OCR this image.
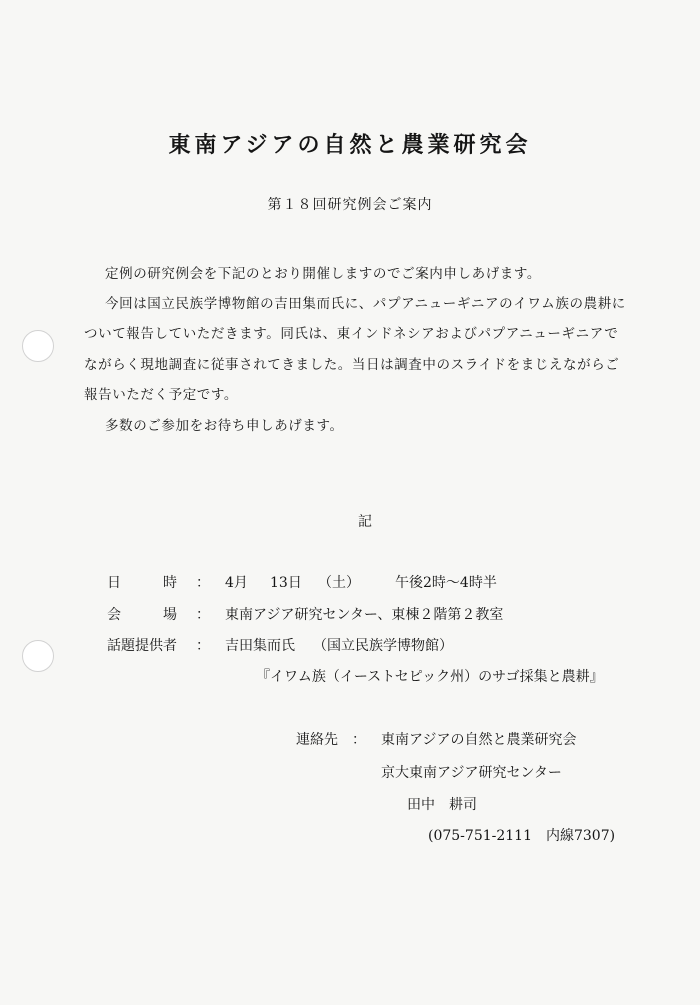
東南アジアの自然と農業研究会
第１８回研究例会ご案内
定例の研究例会を下記のとおり開催しますのでご案内申しあげます。
今回は国立民族学博物館の吉田集而氏に、パプアニューギニアのイワム族の農耕に
ついて報告していただきます。同氏は、東インドネシアおよびパプアニューギニアで
ながらく現地調査に従事されてきました。当日は調査中のスライドをまじえながらご
報告いただく予定です。
多数のご参加をお待ち申しあげます。
記
日	時 ： 4月 13日 （土）	午後2時～4時半
会	場 ： 東南アジア研究センター、東棟２階第２教室
話題提供者 ： 吉田集而氏 （国立民族学博物館）
『イワム族（イーストセピック州）のサゴ採集と農耕』
連絡先 ： 東南アジアの自然と農業研究会
京大東南アジア研究センター
田中　耕司
(075-751-2111　内線7307)
